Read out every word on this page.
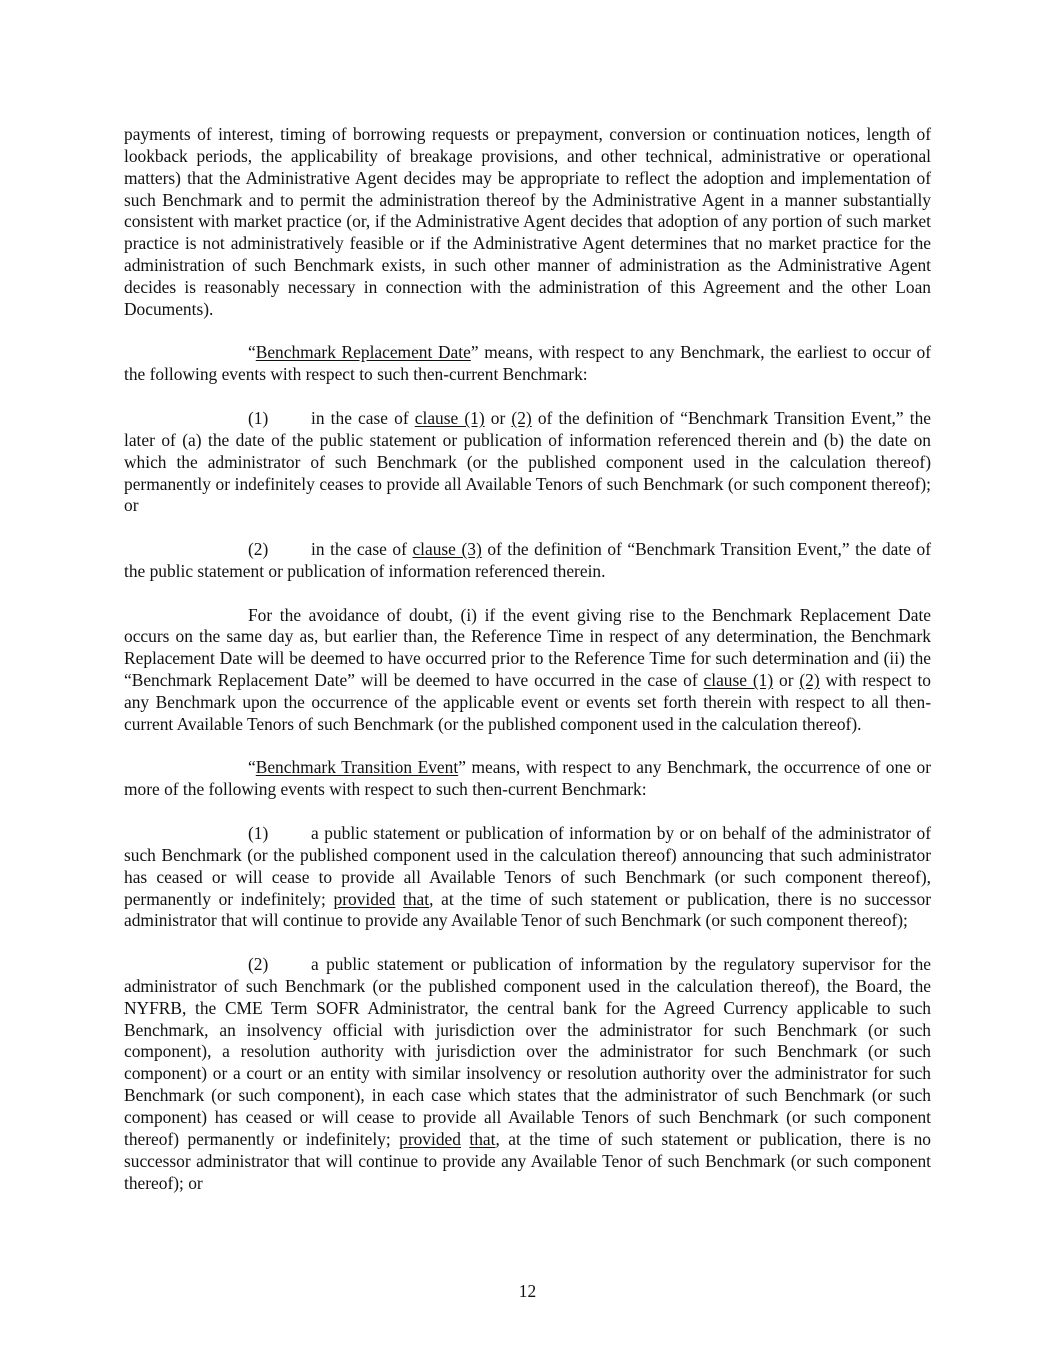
payments of interest, timing of borrowing requests or prepayment, conversion or continuation notices, length of lookback periods, the applicability of breakage provisions, and other technical, administrative or operational matters) that the Administrative Agent decides may be appropriate to reflect the adoption and implementation of such Benchmark and to permit the administration thereof by the Administrative Agent in a manner substantially consistent with market practice (or, if the Administrative Agent decides that adoption of any portion of such market practice is not administratively feasible or if the Administrative Agent determines that no market practice for the administration of such Benchmark exists, in such other manner of administration as the Administrative Agent decides is reasonably necessary in connection with the administration of this Agreement and the other Loan Documents).

“Benchmark Replacement Date” means, with respect to any Benchmark, the earliest to occur of the following events with respect to such then-current Benchmark:

(1) in the case of clause (1) or (2) of the definition of “Benchmark Transition Event,” the later of (a) the date of the public statement or publication of information referenced therein and (b) the date on which the administrator of such Benchmark (or the published component used in the calculation thereof) permanently or indefinitely ceases to provide all Available Tenors of such Benchmark (or such component thereof); or

(2) in the case of clause (3) of the definition of “Benchmark Transition Event,” the date of the public statement or publication of information referenced therein.

For the avoidance of doubt, (i) if the event giving rise to the Benchmark Replacement Date occurs on the same day as, but earlier than, the Reference Time in respect of any determination, the Benchmark Replacement Date will be deemed to have occurred prior to the Reference Time for such determination and (ii) the “Benchmark Replacement Date” will be deemed to have occurred in the case of clause (1) or (2) with respect to any Benchmark upon the occurrence of the applicable event or events set forth therein with respect to all then-current Available Tenors of such Benchmark (or the published component used in the calculation thereof).

“Benchmark Transition Event” means, with respect to any Benchmark, the occurrence of one or more of the following events with respect to such then-current Benchmark:

(1) a public statement or publication of information by or on behalf of the administrator of such Benchmark (or the published component used in the calculation thereof) announcing that such administrator has ceased or will cease to provide all Available Tenors of such Benchmark (or such component thereof), permanently or indefinitely; provided that, at the time of such statement or publication, there is no successor administrator that will continue to provide any Available Tenor of such Benchmark (or such component thereof);

(2) a public statement or publication of information by the regulatory supervisor for the administrator of such Benchmark (or the published component used in the calculation thereof), the Board, the NYFRB, the CME Term SOFR Administrator, the central bank for the Agreed Currency applicable to such Benchmark, an insolvency official with jurisdiction over the administrator for such Benchmark (or such component), a resolution authority with jurisdiction over the administrator for such Benchmark (or such component) or a court or an entity with similar insolvency or resolution authority over the administrator for such Benchmark (or such component), in each case which states that the administrator of such Benchmark (or such component) has ceased or will cease to provide all Available Tenors of such Benchmark (or such component thereof) permanently or indefinitely; provided that, at the time of such statement or publication, there is no successor administrator that will continue to provide any Available Tenor of such Benchmark (or such component thereof); or

12
